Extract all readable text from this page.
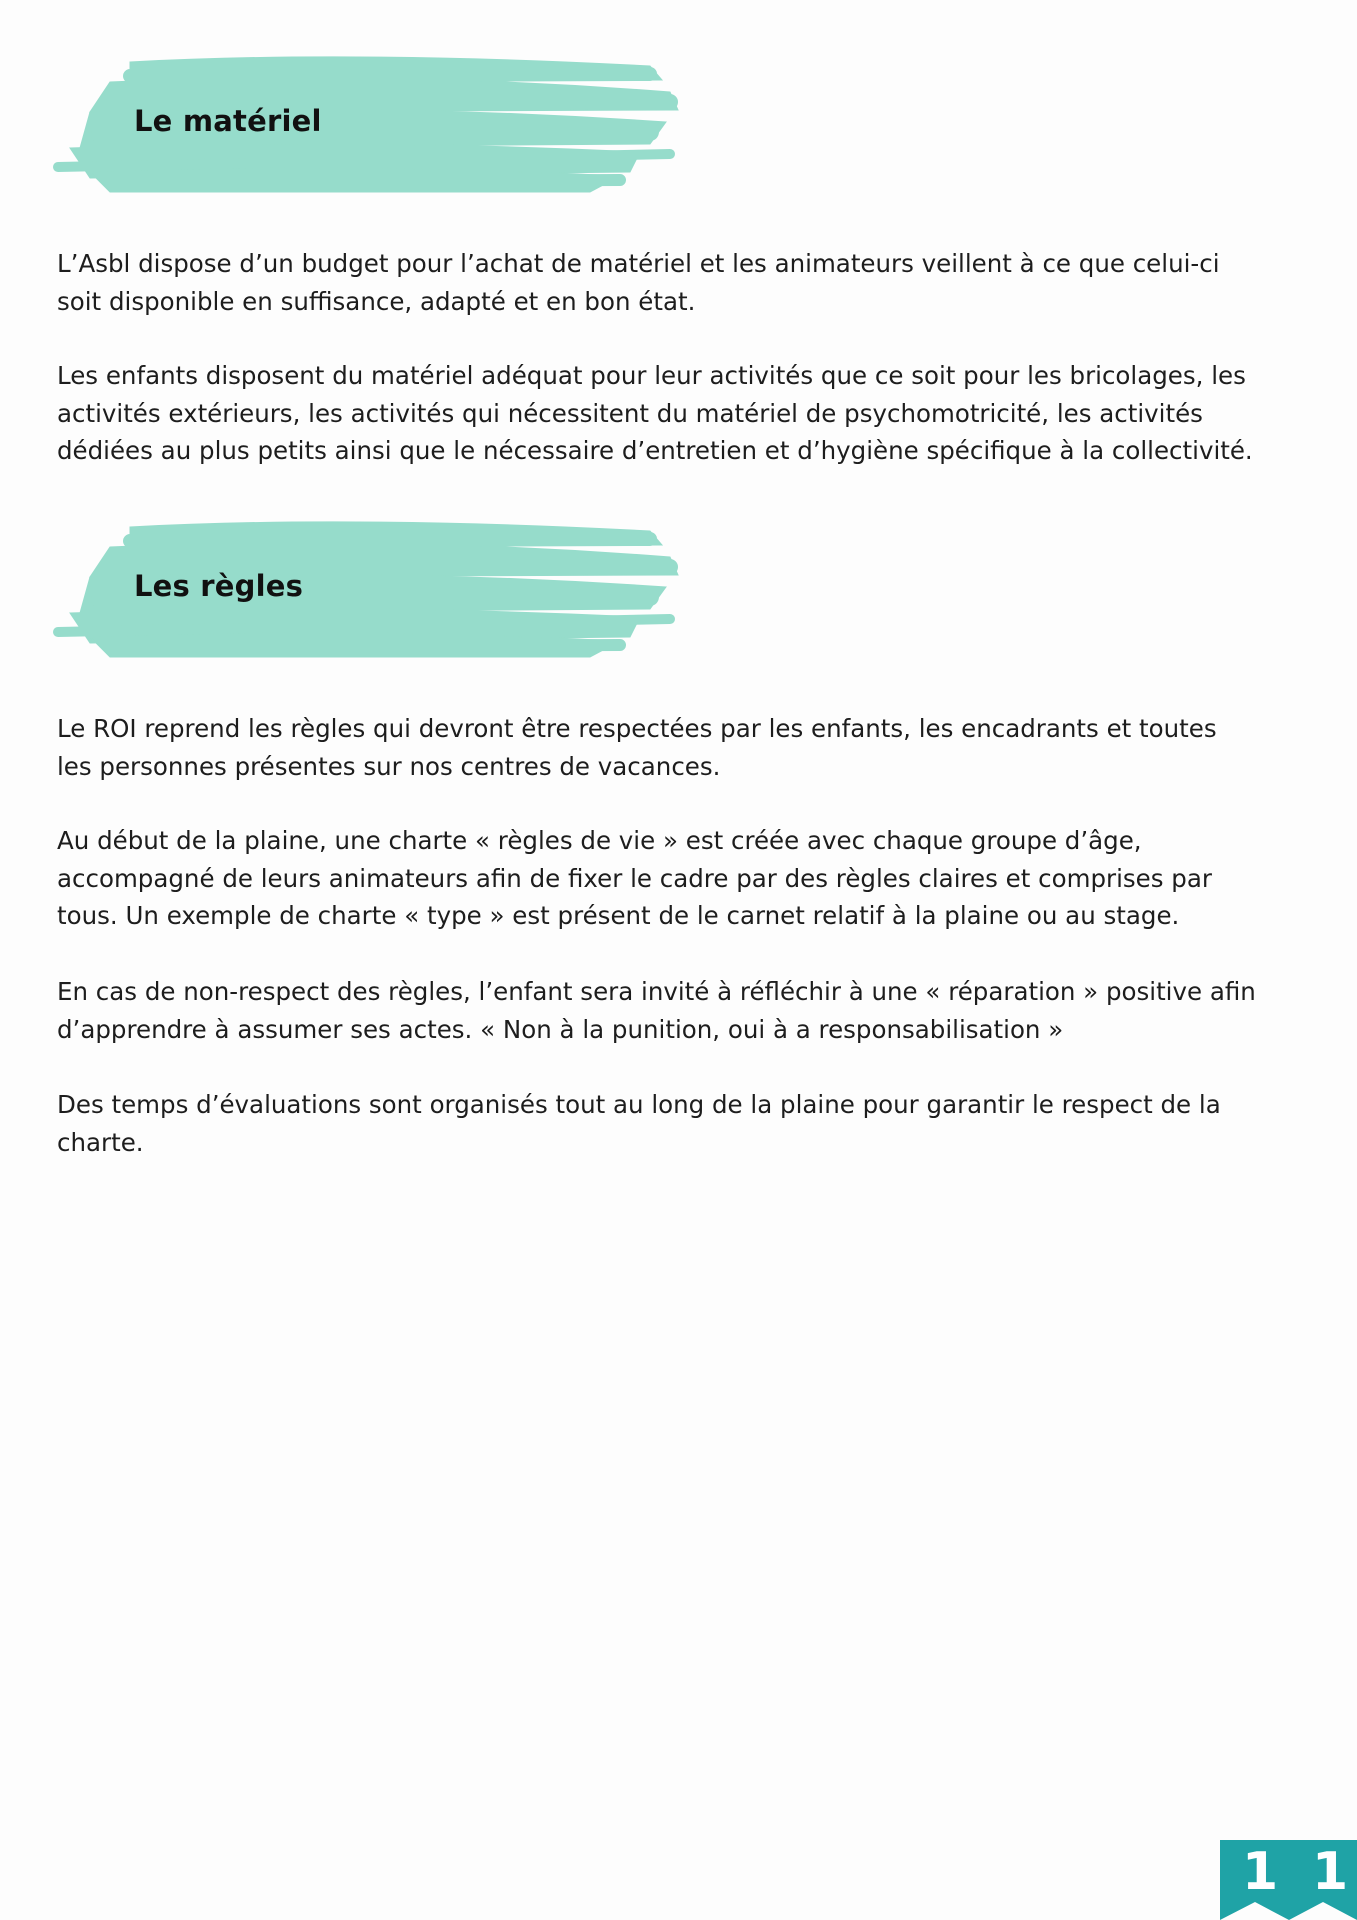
Le matériel

L’Asbl dispose d’un budget pour l’achat de matériel et les animateurs veillent à ce que celui-ci
soit disponible en suffisance, adapté et en bon état.

Les enfants disposent du matériel adéquat pour leur activités que ce soit pour les bricolages, les
activités extérieurs, les activités qui nécessitent du matériel de psychomotricité, les activités
dédiées au plus petits ainsi que le nécessaire d’entretien et d’hygiène spécifique à la collectivité.

Les règles

Le ROI reprend les règles qui devront être respectées par les enfants, les encadrants et toutes
les personnes présentes sur nos centres de vacances.

Au début de la plaine, une charte « règles de vie » est créée avec chaque groupe d’âge,
accompagné de leurs animateurs afin de fixer le cadre par des règles claires et comprises par
tous. Un exemple de charte « type » est présent de le carnet relatif à la plaine ou au stage.

En cas de non-respect des règles, l’enfant sera invité à réfléchir à une « réparation » positive afin
d’apprendre à assumer ses actes. « Non à la punition, oui à a responsabilisation »

Des temps d’évaluations sont organisés tout au long de la plaine pour garantir le respect de la
charte.

1 1
